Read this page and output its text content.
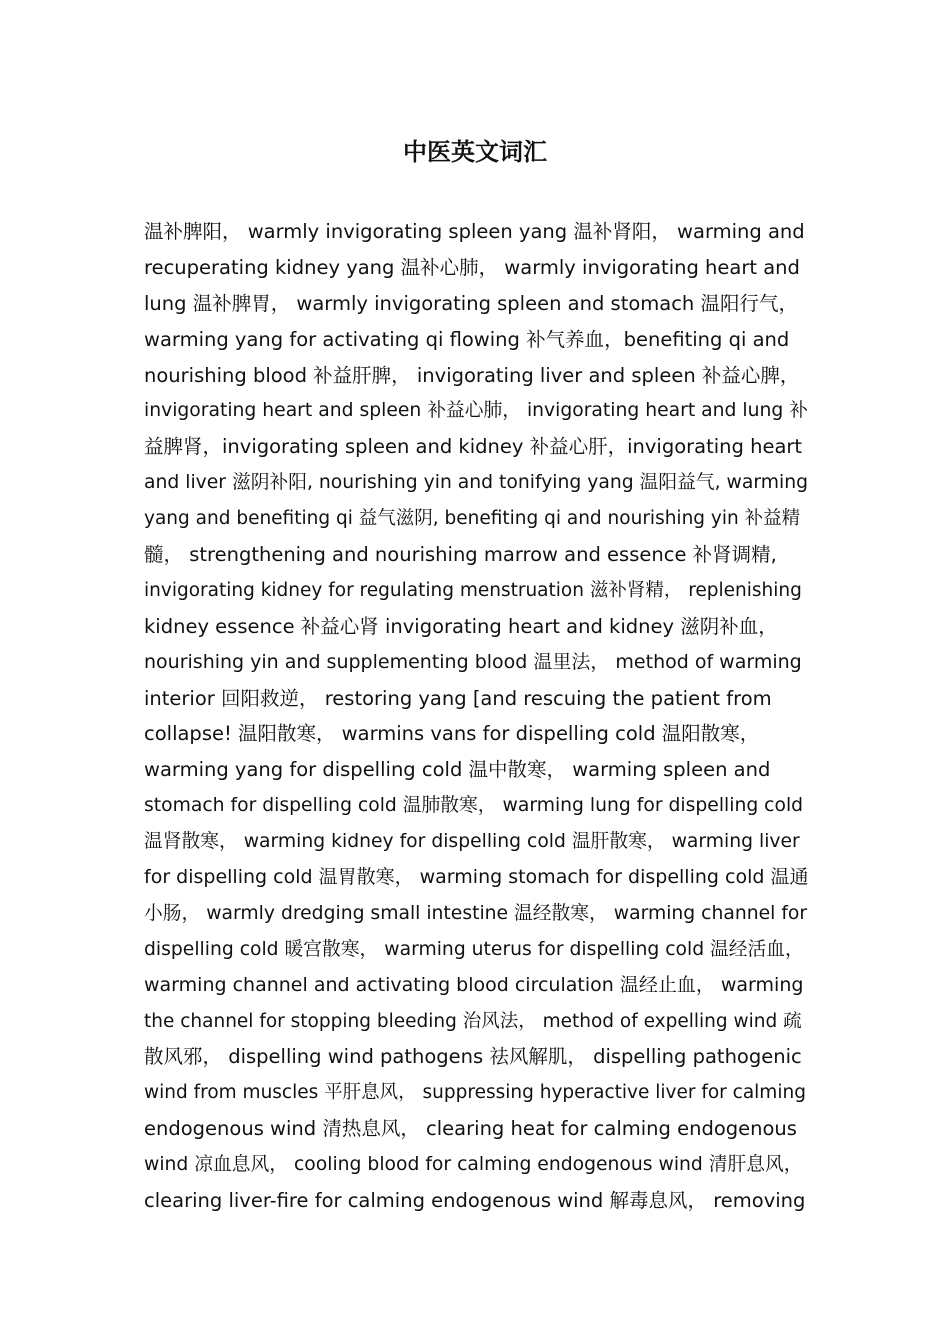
中医英文词汇
温补脾阳， warmly invigorating spleen yang 温补肾阳， warming and
recuperating kidney yang 温补心肺， warmly invigorating heart and
lung 温补脾胃， warmly invigorating spleen and stomach 温阳行气，
warming yang for activating qi flowing 补气养血，benefiting qi and
nourishing blood 补益肝脾， invigorating liver and spleen 补益心脾，
invigorating heart and spleen 补益心肺， invigorating heart and lung 补
益脾肾，invigorating spleen and kidney 补益心肝，invigorating heart
and liver 滋阴补阳, nourishing yin and tonifying yang 温阳益气, warming
yang and benefiting qi 益气滋阴, benefiting qi and nourishing yin 补益精
髓， strengthening and nourishing marrow and essence 补肾调精,
invigorating kidney for regulating menstruation 滋补肾精， replenishing
kidney essence 补益心肾 invigorating heart and kidney 滋阴补血，
nourishing yin and supplementing blood 温里法， method of warming
interior 回阳救逆， restoring yang [and rescuing the patient from
collapse! 温阳散寒， warmins vans for dispelling cold 温阳散寒，
warming yang for dispelling cold 温中散寒， warming spleen and
stomach for dispelling cold 温肺散寒， warming lung for dispelling cold
温肾散寒， warming kidney for dispelling cold 温肝散寒， warming liver
for dispelling cold 温胃散寒， warming stomach for dispelling cold 温通
小肠， warmly dredging small intestine 温经散寒， warming channel for
dispelling cold 暖宫散寒， warming uterus for dispelling cold 温经活血，
warming channel and activating blood circulation 温经止血， warming
the channel for stopping bleeding 治风法， method of expelling wind 疏
散风邪， dispelling wind pathogens 祛风解肌， dispelling pathogenic
wind from muscles 平肝息风， suppressing hyperactive liver for calming
endogenous wind 清热息风， clearing heat for calming endogenous
wind 凉血息风， cooling blood for calming endogenous wind 清肝息风，
clearing liver-fire for calming endogenous wind 解毒息风， removing
